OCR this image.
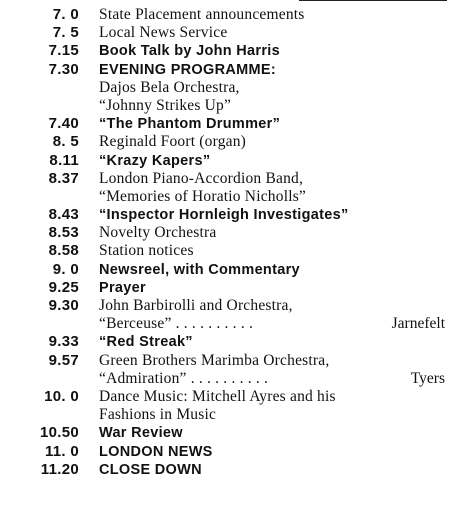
7. 0 State Placement announcements
7. 5 Local News Service
7.15 Book Talk by John Harris
7.30 EVENING PROGRAMME:
Dajos Bela Orchestra,
“Johnny Strikes Up”
7.40 “The Phantom Drummer”
8. 5 Reginald Foort (organ)
8.11 “Krazy Kapers”
8.37 London Piano-Accordion Band,
“Memories of Horatio Nicholls”
8.43 “Inspector Hornleigh Investigates”
8.53 Novelty Orchestra
8.58 Station notices
9. 0 Newsreel, with Commentary
9.25 Prayer
9.30 John Barbirolli and Orchestra,
“Berceuse” . . . . . . . . . .	Jarnefelt
9.33 “Red Streak”
9.57 Green Brothers Marimba Orchestra,
“Admiration” . . . . . . . . . .	Tyers
10. 0 Dance Music: Mitchell Ayres and his
Fashions in Music
10.50 War Review
11. 0 LONDON NEWS
11.20 CLOSE DOWN
